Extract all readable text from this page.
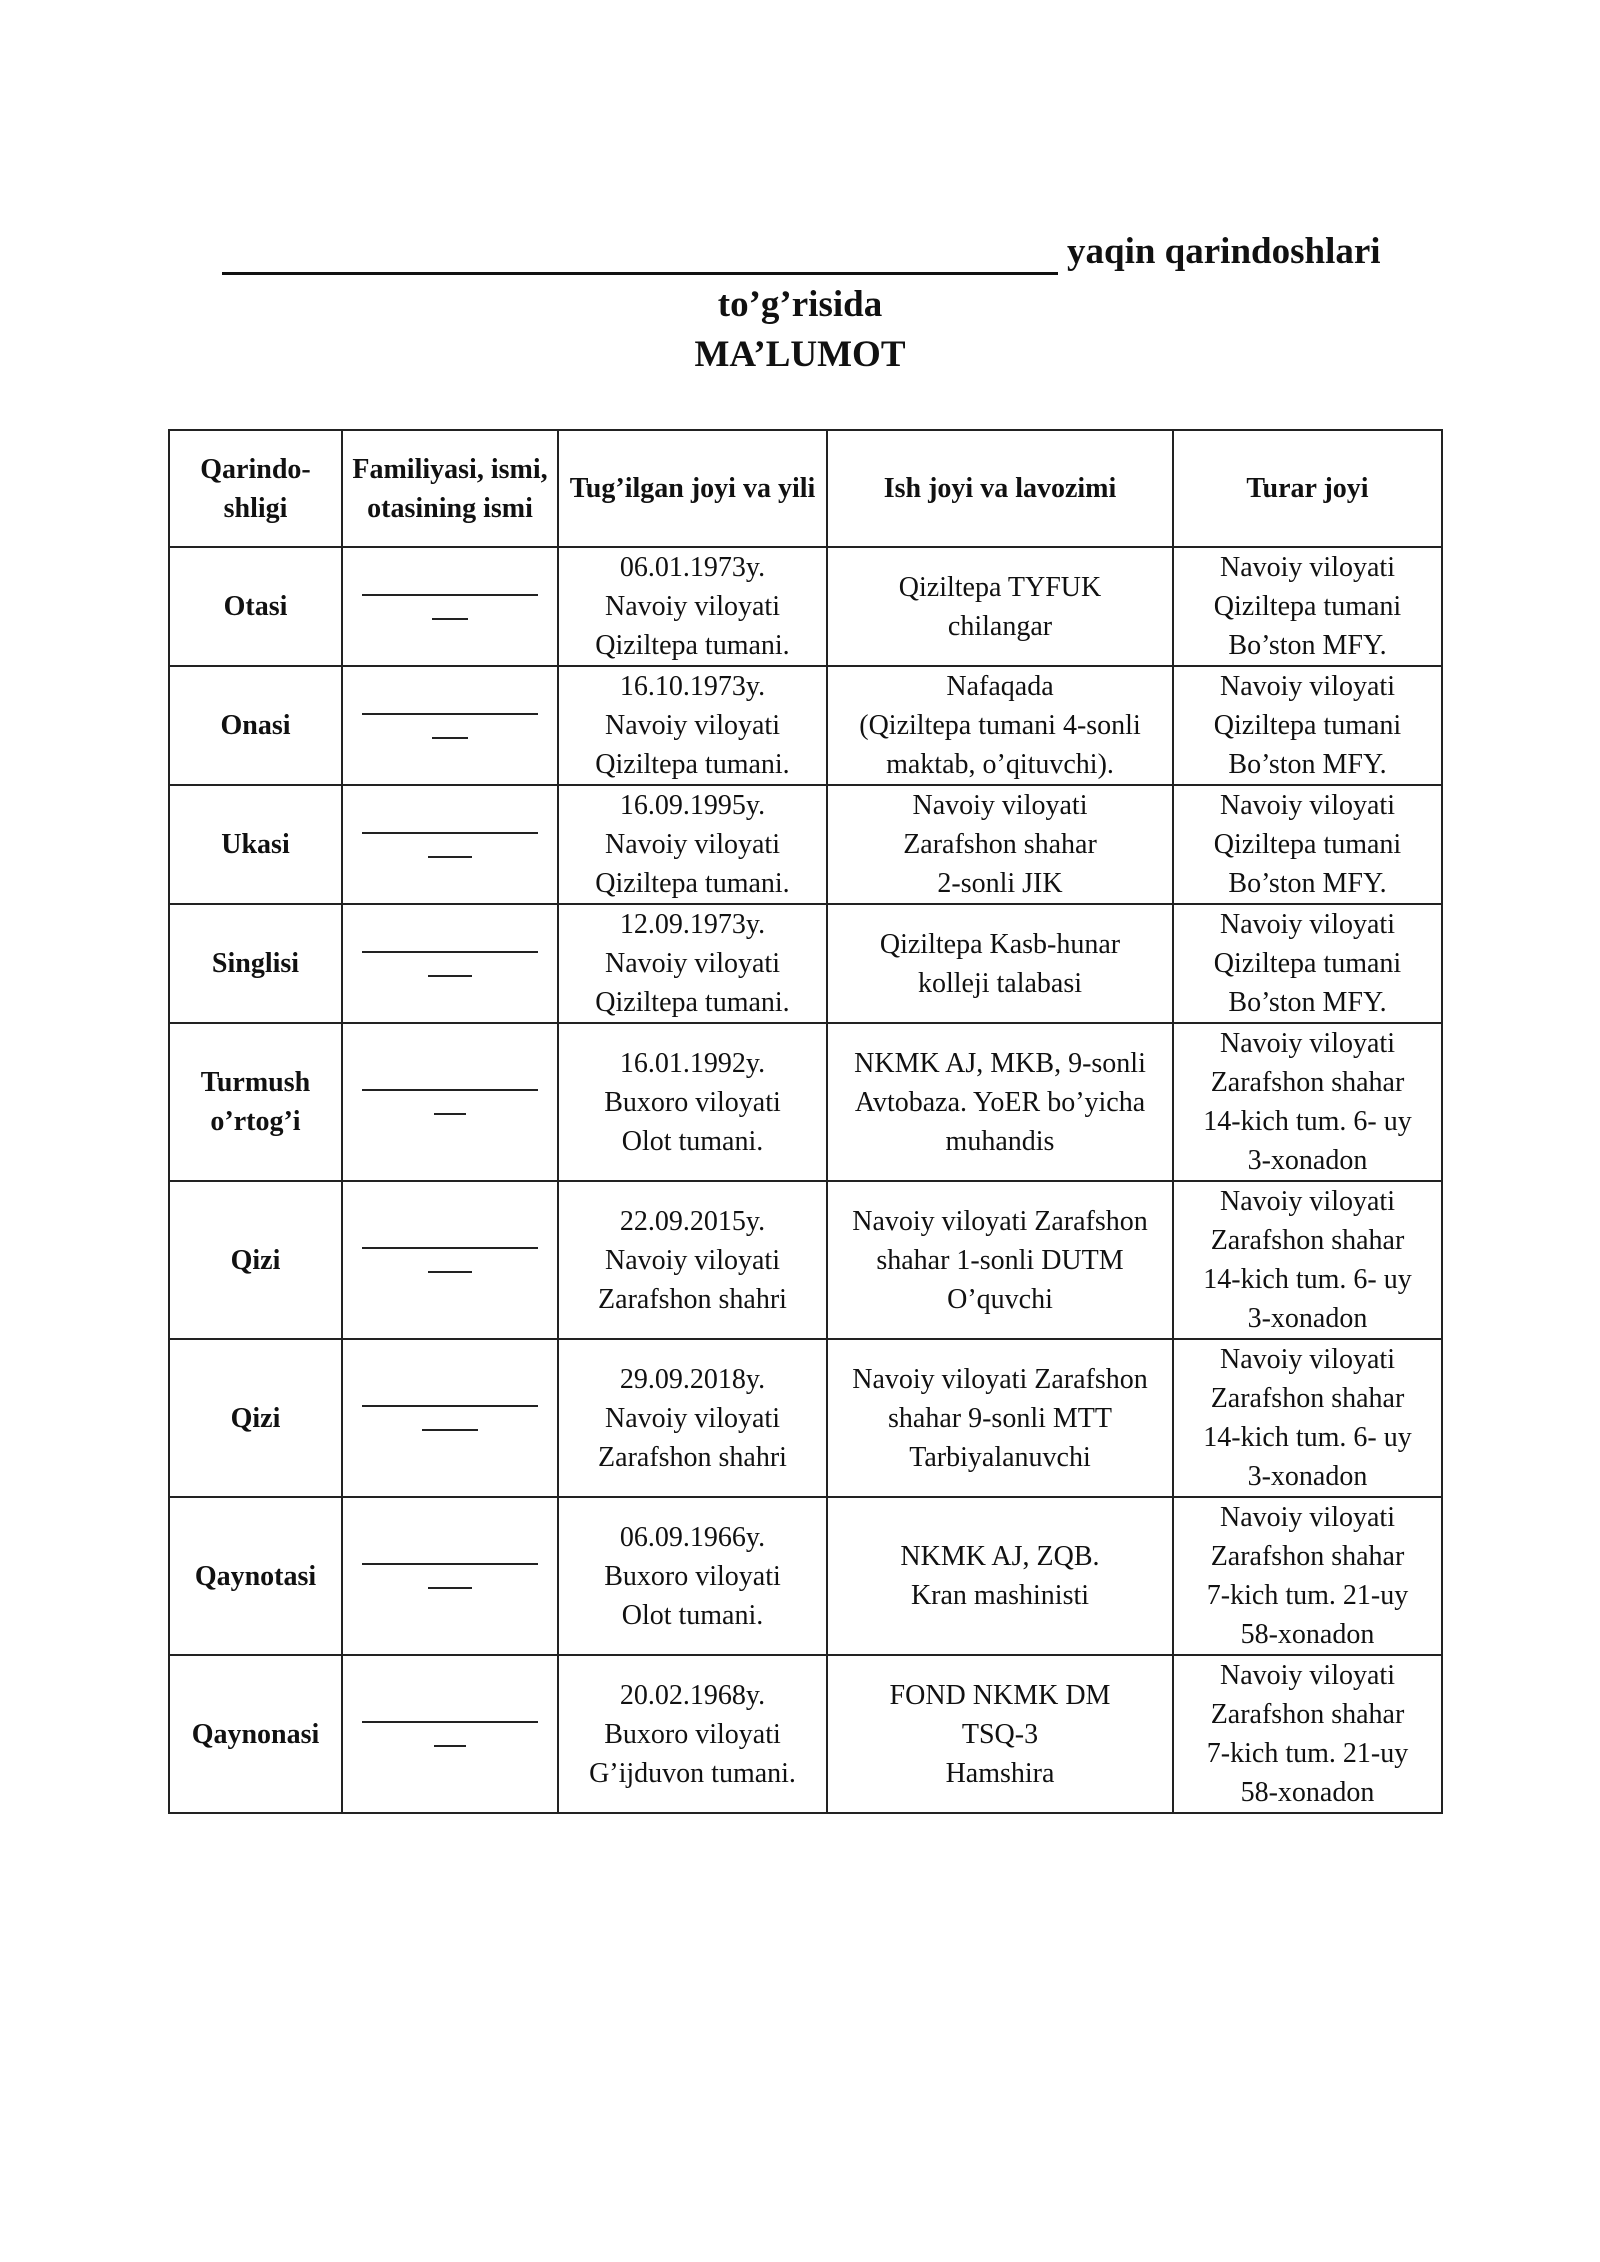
yaqin qarindoshlari
to’g’risida
MA’LUMOT
Qarindo-
shligi	Familiyasi, ismi, otasining ismi	Tug’ilgan joyi va yili	Ish joyi va lavozimi	Turar joyi
Otasi		06.01.1973y.
Navoiy viloyati
Qiziltepa tumani.	Qiziltepa TYFUK
chilangar	Navoiy viloyati
Qiziltepa tumani
Bo’ston MFY.

Onasi		16.10.1973y.
Navoiy viloyati
Qiziltepa tumani.	Nafaqada
(Qiziltepa tumani 4-sonli
maktab, o’qituvchi).	Navoiy viloyati
Qiziltepa tumani
Bo’ston MFY.

Ukasi		16.09.1995y.
Navoiy viloyati
Qiziltepa tumani.	Navoiy viloyati
Zarafshon shahar
2-sonli JIK	Navoiy viloyati
Qiziltepa tumani
Bo’ston MFY.

Singlisi		12.09.1973y.
Navoiy viloyati
Qiziltepa tumani.	Qiziltepa Kasb-hunar
kolleji talabasi	Navoiy viloyati
Qiziltepa tumani
Bo’ston MFY.

Turmush o’rtog’i		16.01.1992y.
Buxoro viloyati
Olot tumani.	NKMK AJ, MKB, 9-sonli
Avtobaza. YoER bo’yicha
muhandis	Navoiy viloyati
Zarafshon shahar
14-kich tum. 6- uy
3-xonadon

Qizi		22.09.2015y.
Navoiy viloyati
Zarafshon shahri	Navoiy viloyati Zarafshon
shahar 1-sonli DUTM
O’quvchi	Navoiy viloyati
Zarafshon shahar
14-kich tum. 6- uy
3-xonadon

Qizi		29.09.2018y.
Navoiy viloyati
Zarafshon shahri	Navoiy viloyati Zarafshon
shahar 9-sonli MTT
Tarbiyalanuvchi	Navoiy viloyati
Zarafshon shahar
14-kich tum. 6- uy
3-xonadon

Qaynotasi		06.09.1966y.
Buxoro viloyati
Olot tumani.	NKMK AJ, ZQB.
Kran mashinisti	Navoiy viloyati
Zarafshon shahar
7-kich tum. 21-uy
58-xonadon

Qaynonasi		20.02.1968y.
Buxoro viloyati
G’ijduvon tumani.	FOND NKMK DM
TSQ-3
Hamshira	Navoiy viloyati
Zarafshon shahar
7-kich tum. 21-uy
58-xonadon
